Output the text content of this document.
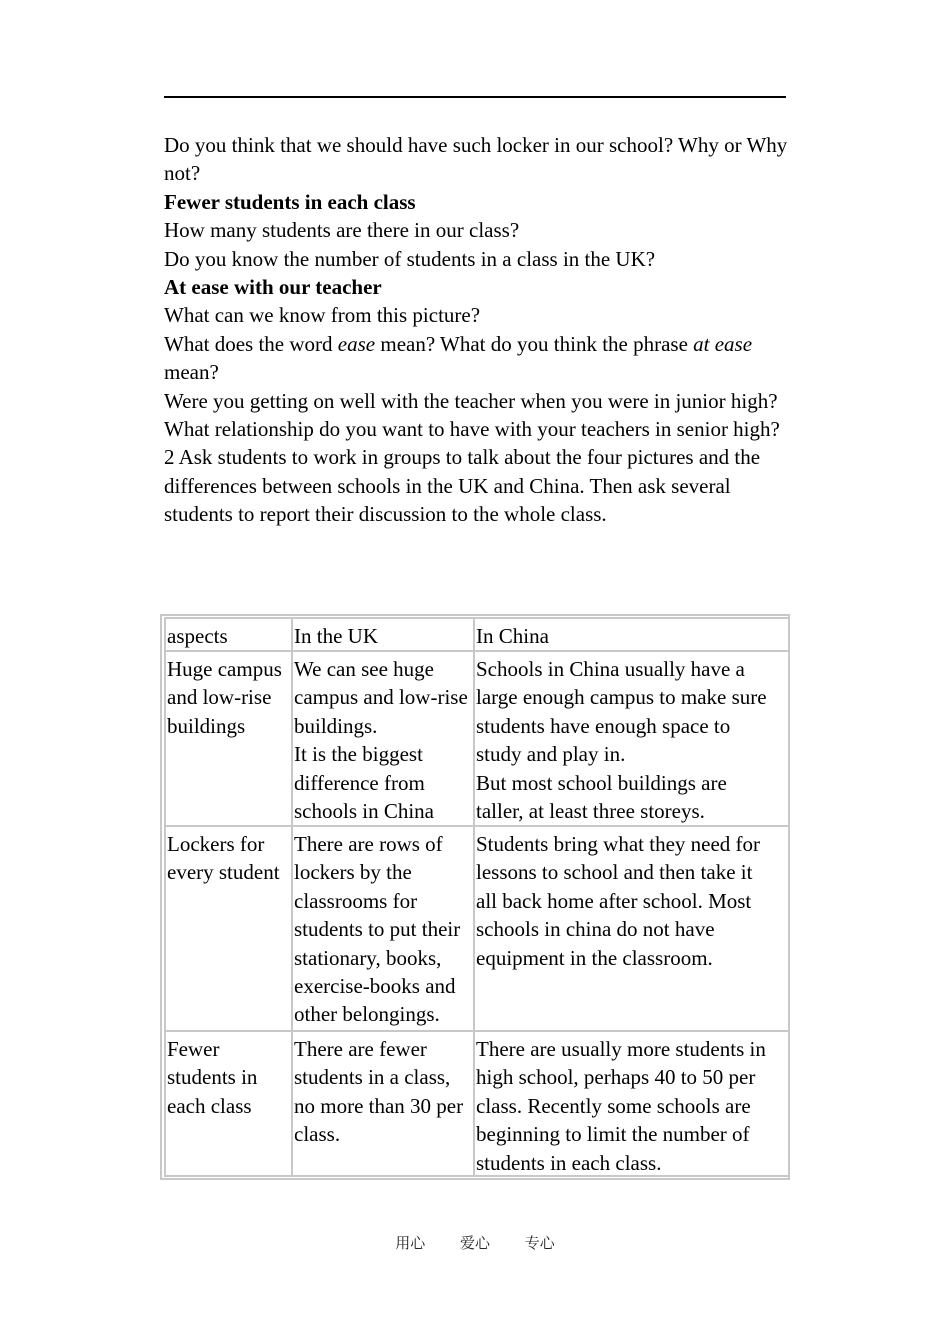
Do you think that we should have such locker in our school? Why or Why not?

Fewer students in each class

How many students are there in our class?

Do you know the number of students in a class in the UK?

At ease with our teacher

What can we know from this picture?

What does the word ease mean? What do you think the phrase at ease mean?

Were you getting on well with the teacher when you were in junior high?

What relationship do you want to have with your teachers in senior high?

2 Ask students to work in groups to talk about the four pictures and the differences between schools in the UK and China. Then ask several students to report their discussion to the whole class.

aspects	In the UK	In China
Huge campus
and low-rise
buildings
We can see huge
campus and low-rise
buildings.
It is the biggest
difference from
schools in China
Schools in China usually have a
large enough campus to make sure
students have enough space to
study and play in.
But most school buildings are
taller, at least three storeys.
Lockers for
every student
There are rows of
lockers by the
classrooms for
students to put their
stationary, books,
exercise-books and
other belongings.
Students bring what they need for
lessons to school and then take it
all back home after school. Most
schools in china do not have
equipment in the classroom.
Fewer
students in
each class
There are fewer
students in a class,
no more than 30 per
class.
There are usually more students in
high school, perhaps 40 to 50 per
class. Recently some schools are
beginning to limit the number of
students in each class.
用心 爱心 专心
